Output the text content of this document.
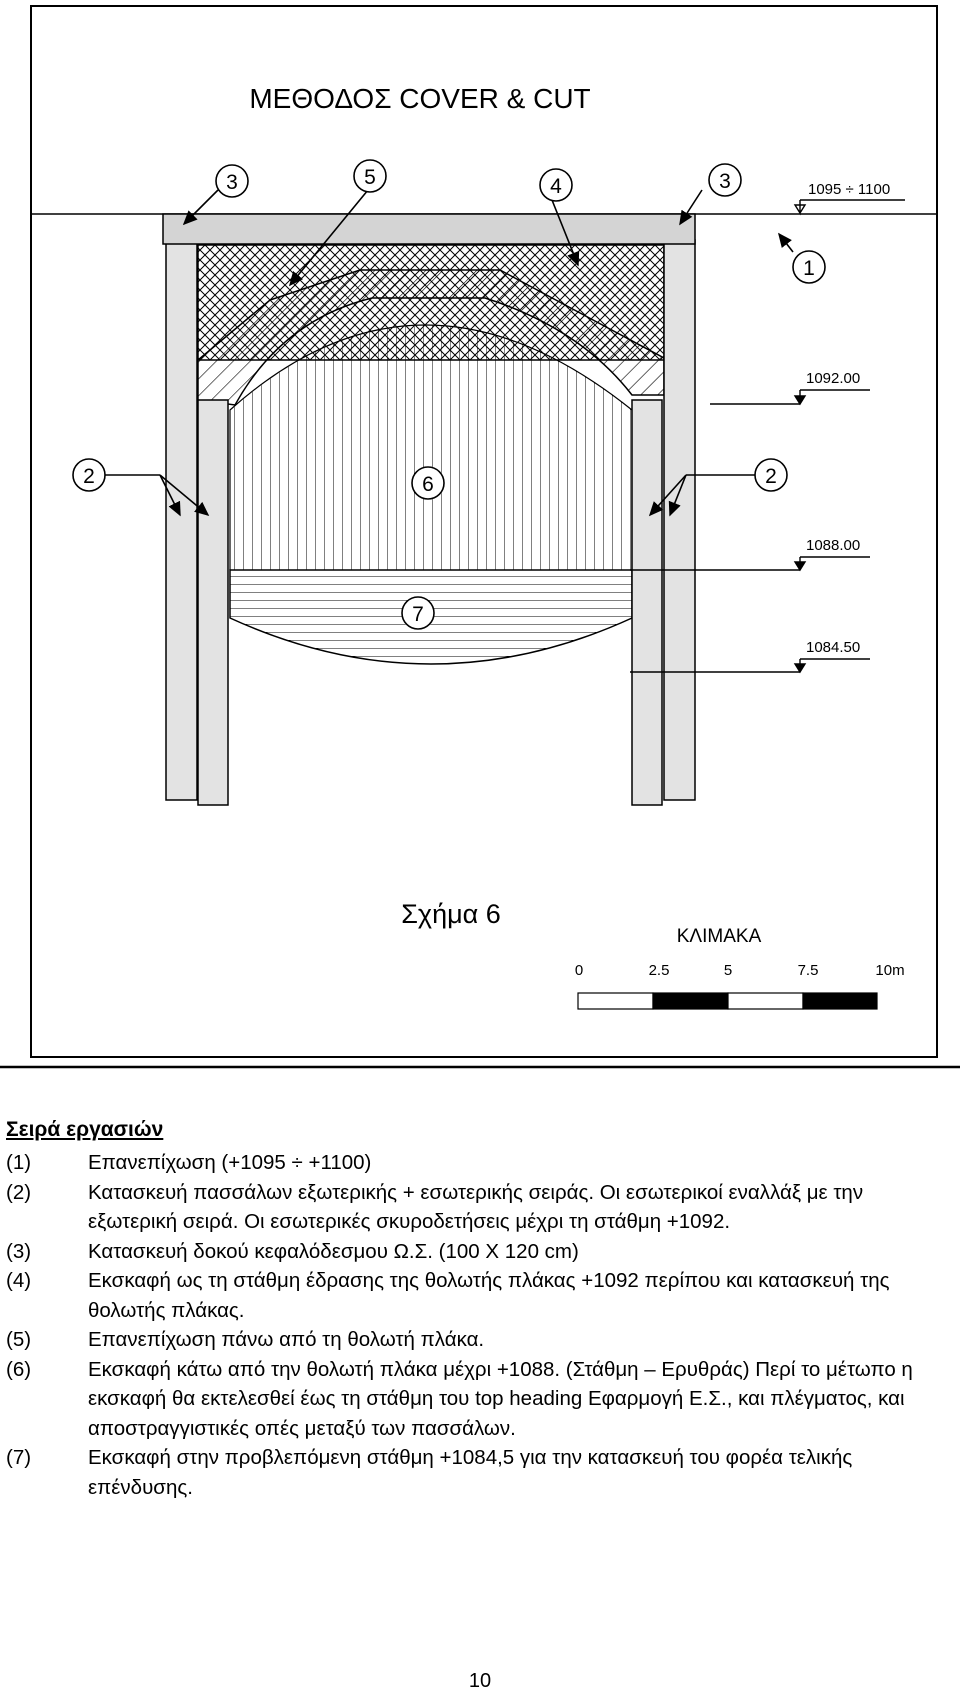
ΜΕΘΟΔΟΣ COVER & CUT
3	5	4	3
1
2	2
6
7
1095 ÷ 1100
1092.00
1088.00
1084.50
Σχήμα 6
ΚΛΙΜΑΚΑ
0	2.5	5	7.5	10m
Σειρά εργασιών
(1)	Επανεπίχωση (+1095 ÷ +1100)
(2)	Κατασκευή πασσάλων εξωτερικής + εσωτερικής σειράς. Οι εσωτερικοί εναλλάξ με την εξωτερική σειρά. Οι εσωτερικές σκυροδετήσεις μέχρι τη στάθμη +1092.
(3)	Κατασκευή δοκού κεφαλόδεσμου Ω.Σ. (100 Χ 120 cm)
(4)	Εκσκαφή ως τη στάθμη έδρασης της θολωτής πλάκας +1092 περίπου και κατασκευή της θολωτής πλάκας.
(5)	Επανεπίχωση πάνω από τη θολωτή πλάκα.
(6)	Εκσκαφή κάτω από την θολωτή πλάκα μέχρι +1088. (Στάθμη – Ερυθράς) Περί το μέτωπο η εκσκαφή θα εκτελεσθεί έως τη στάθμη του top heading Εφαρμογή Ε.Σ., και πλέγματος, και αποστραγγιστικές οπές μεταξύ των πασσάλων.
(7)	Εκσκαφή στην προβλεπόμενη στάθμη +1084,5 για την κατασκευή του φορέα τελικής επένδυσης.
10
